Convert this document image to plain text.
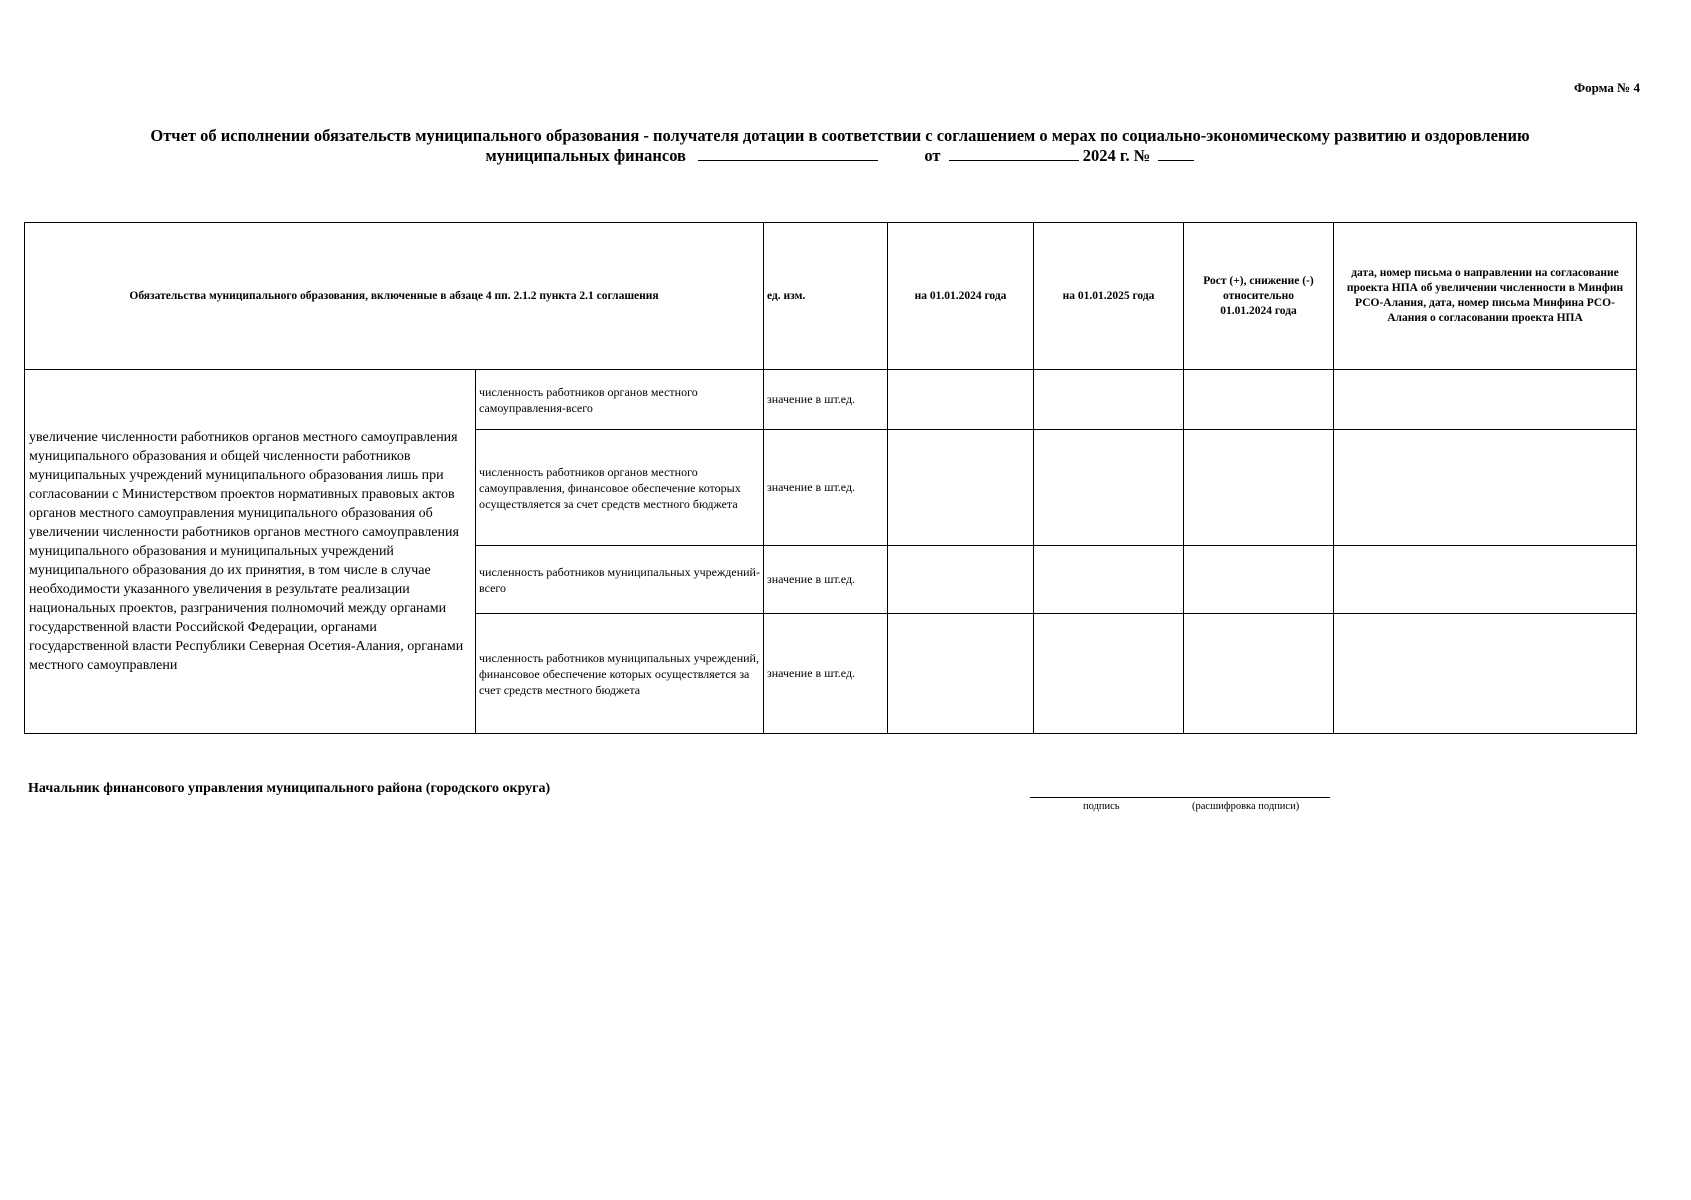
Форма № 4
Отчет об исполнении обязательств муниципального образования - получателя дотации в соответствии с соглашением о мерах по социально-экономическому развитию и оздоровлению
муниципальных финансов	от	2024 г. №
Обязательства муниципального образования, включенные в абзаце 4 пп. 2.1.2 пункта 2.1 соглашения		ед. изм.	на 01.01.2024 года	на 01.01.2025 года	Рост (+), снижение (-) относительно 01.01.2024 года	дата, номер письма о направлении на согласование проекта НПА об увеличении численности в Минфин РСО-Алания, дата, номер письма Минфина РСО-Алания о согласовании проекта НПА
увеличение численности работников органов местного самоуправления муниципального образования и общей численности работников муниципальных учреждений муниципального образования лишь при согласовании с Министерством проектов нормативных правовых актов органов местного самоуправления муниципального образования об увеличении численности работников органов местного самоуправления муниципального образования и муниципальных учреждений муниципального образования до их принятия, в том числе в случае необходимости указанного увеличения в результате реализации национальных проектов, разграничения полномочий между органами государственной власти Российской Федерации, органами государственной власти Республики Северная Осетия-Алания, органами местного самоуправлени	численность работников органов местного самоуправления-всего	значение в шт.ед.				
	численность работников органов местного самоуправления, финансовое обеспечение которых осуществляется за счет средств местного бюджета	значение в шт.ед.				
	численность работников муниципальных учреждений-всего	значение в шт.ед.				
	численность работников муниципальных учреждений, финансовое обеспечение которых осуществляется за счет средств местного бюджета	значение в шт.ед.				
Начальник финансового управления муниципального района (городского округа)
подпись	(расшифровка подписи)
